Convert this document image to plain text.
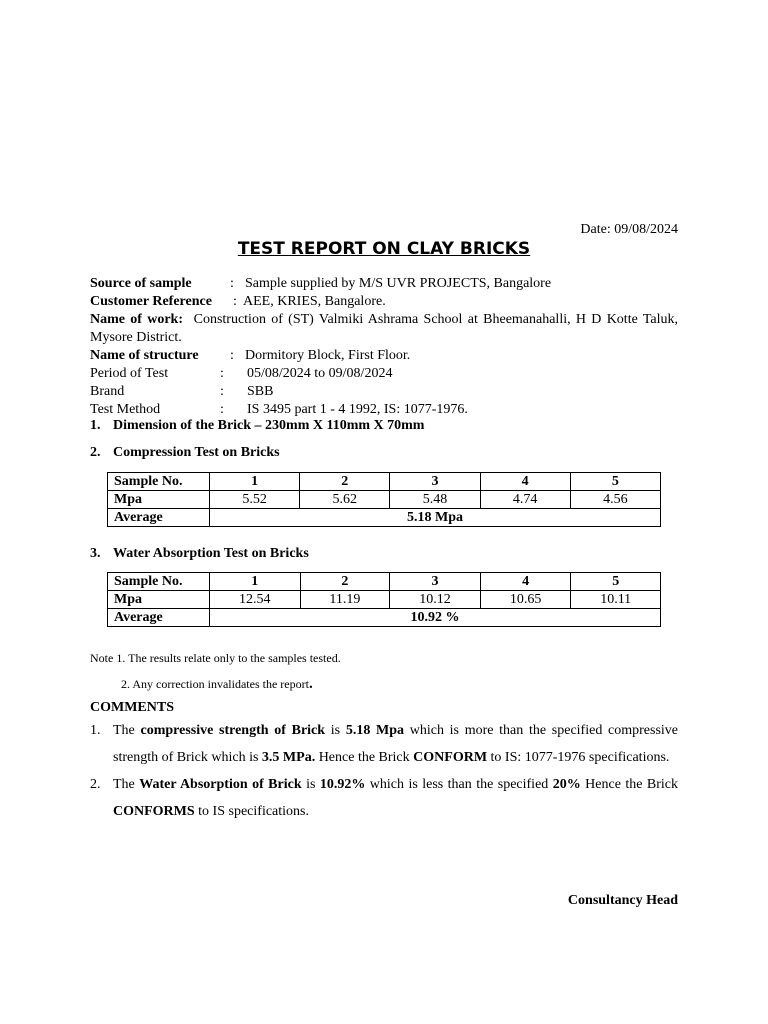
Date: 09/08/2024
TEST REPORT ON CLAY BRICKS
Source of sample	: Sample supplied by M/S UVR PROJECTS, Bangalore
Customer Reference : AEE, KRIES, Bangalore.
Name of work: Construction of (ST) Valmiki Ashrama School at Bheemanahalli, H D Kotte Taluk, Mysore District.
Name of structure : Dormitory Block, First Floor.
Period of Test	: 05/08/2024 to 09/08/2024
Brand	: SBB
Test Method	: IS 3495 part 1 - 4 1992, IS: 1077-1976.
1. Dimension of the Brick – 230mm X 110mm X 70mm
2. Compression Test on Bricks
Sample No.	1	2	3	4	5
Mpa	5.52	5.62	5.48	4.74	4.56
Average	5.18 Mpa				
3. Water Absorption Test on Bricks
Sample No.	1	2	3	4	5
Mpa	12.54	11.19	10.12	10.65	10.11
Average	10.92 %				
Note 1. The results relate only to the samples tested.
2. Any correction invalidates the report.
COMMENTS
1. The compressive strength of Brick is 5.18 Mpa which is more than the specified compressive strength of Brick which is 3.5 MPa. Hence the Brick CONFORM to IS: 1077-1976 specifications.
2. The Water Absorption of Brick is 10.92% which is less than the specified 20% Hence the Brick CONFORMS to IS specifications.
Consultancy Head
